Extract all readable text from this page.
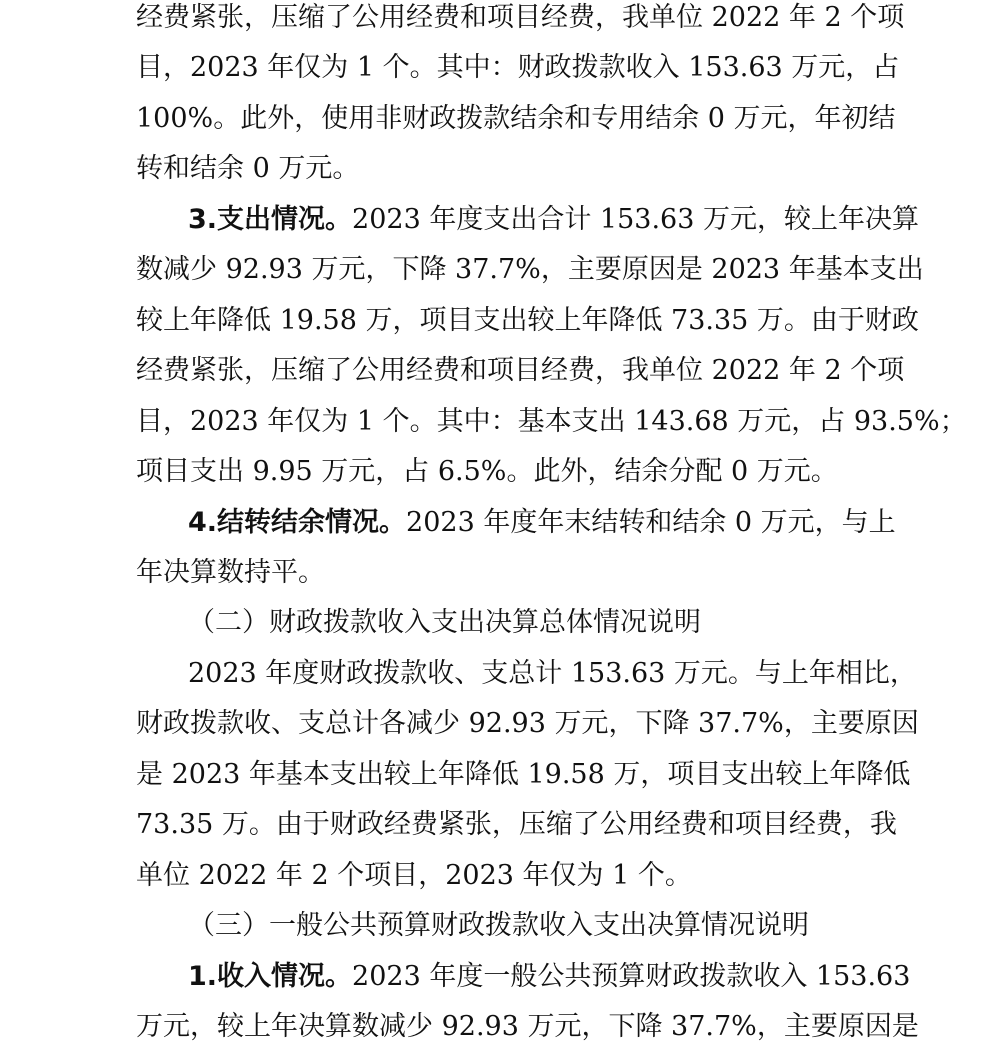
经费紧张，压缩了公用经费和项目经费，我单位 2022 年 2 个项
目，2023 年仅为 1 个。其中：财政拨款收入 153.63 万元，占
100%。此外，使用非财政拨款结余和专用结余 0 万元，年初结
转和结余 0 万元。
3.支出情况。2023 年度支出合计 153.63 万元，较上年决算
数减少 92.93 万元，下降 37.7%，主要原因是 2023 年基本支出
较上年降低 19.58 万，项目支出较上年降低 73.35 万。由于财政
经费紧张，压缩了公用经费和项目经费，我单位 2022 年 2 个项
目，2023 年仅为 1 个。其中：基本支出 143.68 万元，占 93.5%；
项目支出 9.95 万元，占 6.5%。此外，结余分配 0 万元。
4.结转结余情况。2023 年度年末结转和结余 0 万元，与上
年决算数持平。
（二）财政拨款收入支出决算总体情况说明
2023 年度财政拨款收、支总计 153.63 万元。与上年相比，
财政拨款收、支总计各减少 92.93 万元，下降 37.7%，主要原因
是 2023 年基本支出较上年降低 19.58 万，项目支出较上年降低
73.35 万。由于财政经费紧张，压缩了公用经费和项目经费，我
单位 2022 年 2 个项目，2023 年仅为 1 个。
（三）一般公共预算财政拨款收入支出决算情况说明
1.收入情况。2023 年度一般公共预算财政拨款收入 153.63
万元，较上年决算数减少 92.93 万元，下降 37.7%，主要原因是
